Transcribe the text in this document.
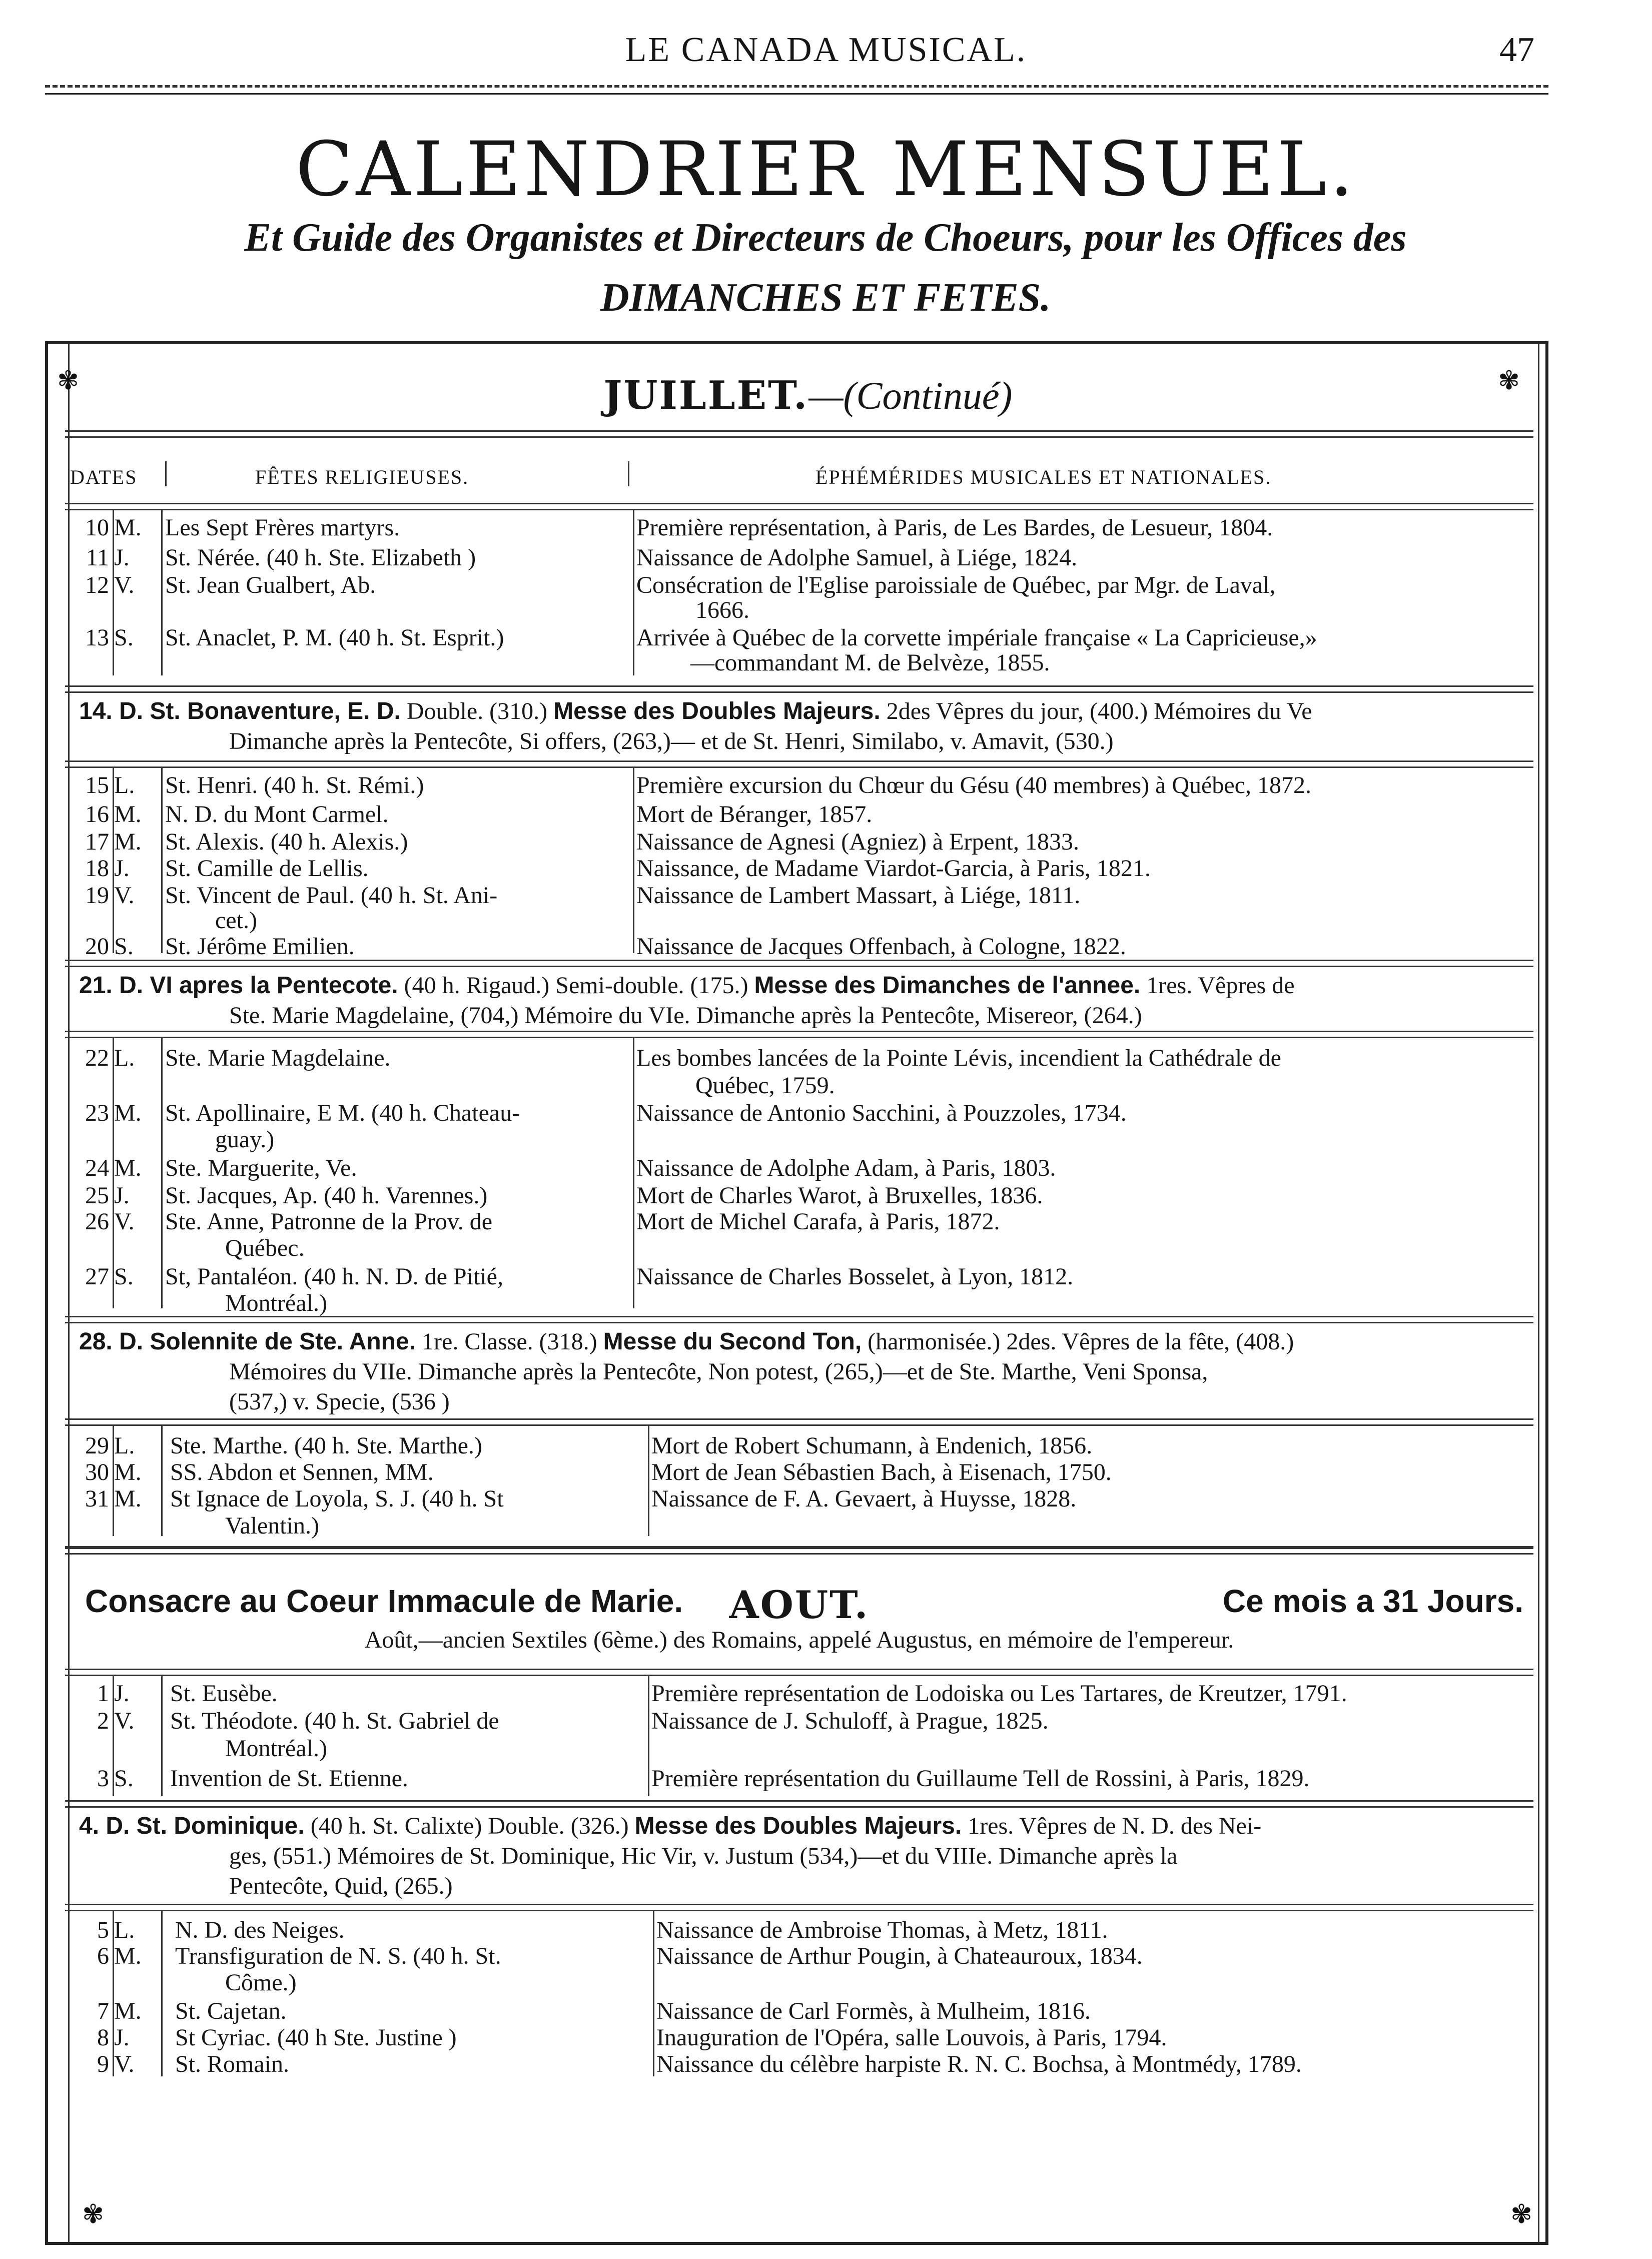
LE CANADA MUSICAL.	47
CALENDRIER MENSUEL.
Et Guide des Organistes et Directeurs de Choeurs, pour les Offices des
DIMANCHES ET FETES.
✾	✾
✾	✾
JUILLET.—(Continué)
DATES	FÊTES RELIGIEUSES.	ÉPHÉMÉRIDES MUSICALES ET NATIONALES.
10 M. Les Sept Frères martyrs.	Première représentation, à Paris, de Les Bardes, de Lesueur, 1804.
11 J. St. Nérée. (40 h. Ste. Elizabeth )	Naissance de Adolphe Samuel, à Liége, 1824.
12 V. St. Jean Gualbert, Ab.	Consécration de l'Eglise paroissiale de Québec, par Mgr. de Laval,
1666.
13 S. St. Anaclet, P. M. (40 h. St. Esprit.)	Arrivée à Québec de la corvette impériale française « La Capricieuse,»
—commandant M. de Belvèze, 1855.
14. D. St. Bonaventure, E. D. Double. (310.) Messe des Doubles Majeurs. 2des Vêpres du jour, (400.) Mémoires du Ve
Dimanche après la Pentecôte, Si offers, (263,)— et de St. Henri, Similabo, v. Amavit, (530.)
15 L. St. Henri. (40 h. St. Rémi.)	Première excursion du Chœur du Gésu (40 membres) à Québec, 1872.
16 M. N. D. du Mont Carmel.	Mort de Béranger, 1857.
17 M. St. Alexis. (40 h. Alexis.)	Naissance de Agnesi (Agniez) à Erpent, 1833.
18 J. St. Camille de Lellis.	Naissance, de Madame Viardot-Garcia, à Paris, 1821.
19 V. St. Vincent de Paul. (40 h. St. Ani-	Naissance de Lambert Massart, à Liége, 1811.
cet.)
20 S. St. Jérôme Emilien.	Naissance de Jacques Offenbach, à Cologne, 1822.
21. D. VI apres la Pentecote. (40 h. Rigaud.) Semi-double. (175.) Messe des Dimanches de l'annee. 1res. Vêpres de
Ste. Marie Magdelaine, (704,) Mémoire du VIe. Dimanche après la Pentecôte, Misereor, (264.)
22 L. Ste. Marie Magdelaine.	Les bombes lancées de la Pointe Lévis, incendient la Cathédrale de
Québec, 1759.
23 M. St. Apollinaire, E M. (40 h. Chateau-	Naissance de Antonio Sacchini, à Pouzzoles, 1734.
guay.)
24 M. Ste. Marguerite, Ve.	Naissance de Adolphe Adam, à Paris, 1803.
25 J. St. Jacques, Ap. (40 h. Varennes.)	Mort de Charles Warot, à Bruxelles, 1836.
26 V. Ste. Anne, Patronne de la Prov. de	Mort de Michel Carafa, à Paris, 1872.
Québec.
27 S. St, Pantaléon. (40 h. N. D. de Pitié,	Naissance de Charles Bosselet, à Lyon, 1812.
Montréal.)
28. D. Solennite de Ste. Anne. 1re. Classe. (318.) Messe du Second Ton, (harmonisée.) 2des. Vêpres de la fête, (408.)
Mémoires du VIIe. Dimanche après la Pentecôte, Non potest, (265,)—et de Ste. Marthe, Veni Sponsa,
(537,) v. Specie, (536 )
29 L. Ste. Marthe. (40 h. Ste. Marthe.)	Mort de Robert Schumann, à Endenich, 1856.
30 M. SS. Abdon et Sennen, MM.	Mort de Jean Sébastien Bach, à Eisenach, 1750.
31 M. St Ignace de Loyola, S. J. (40 h. St	Naissance de F. A. Gevaert, à Huysse, 1828.
Valentin.)
Consacre au Coeur Immacule de Marie.	AOUT.	Ce mois a 31 Jours.
Août,—ancien Sextiles (6ème.) des Romains, appelé Augustus, en mémoire de l'empereur.
1 J. St. Eusèbe.	Première représentation de Lodoiska ou Les Tartares, de Kreutzer, 1791.
2 V. St. Théodote. (40 h. St. Gabriel de	Naissance de J. Schuloff, à Prague, 1825.
Montréal.)
3 S. Invention de St. Etienne.	Première représentation du Guillaume Tell de Rossini, à Paris, 1829.
4. D. St. Dominique. (40 h. St. Calixte) Double. (326.) Messe des Doubles Majeurs. 1res. Vêpres de N. D. des Nei-
ges, (551.) Mémoires de St. Dominique, Hic Vir, v. Justum (534,)—et du VIIIe. Dimanche après la
Pentecôte, Quid, (265.)
5 L. N. D. des Neiges.	Naissance de Ambroise Thomas, à Metz, 1811.
6 M. Transfiguration de N. S. (40 h. St.	Naissance de Arthur Pougin, à Chateauroux, 1834.
Côme.)
7 M. St. Cajetan.	Naissance de Carl Formès, à Mulheim, 1816.
8 J. St Cyriac. (40 h Ste. Justine )	Inauguration de l'Opéra, salle Louvois, à Paris, 1794.
9 V. St. Romain.	Naissance du célèbre harpiste R. N. C. Bochsa, à Montmédy, 1789.
